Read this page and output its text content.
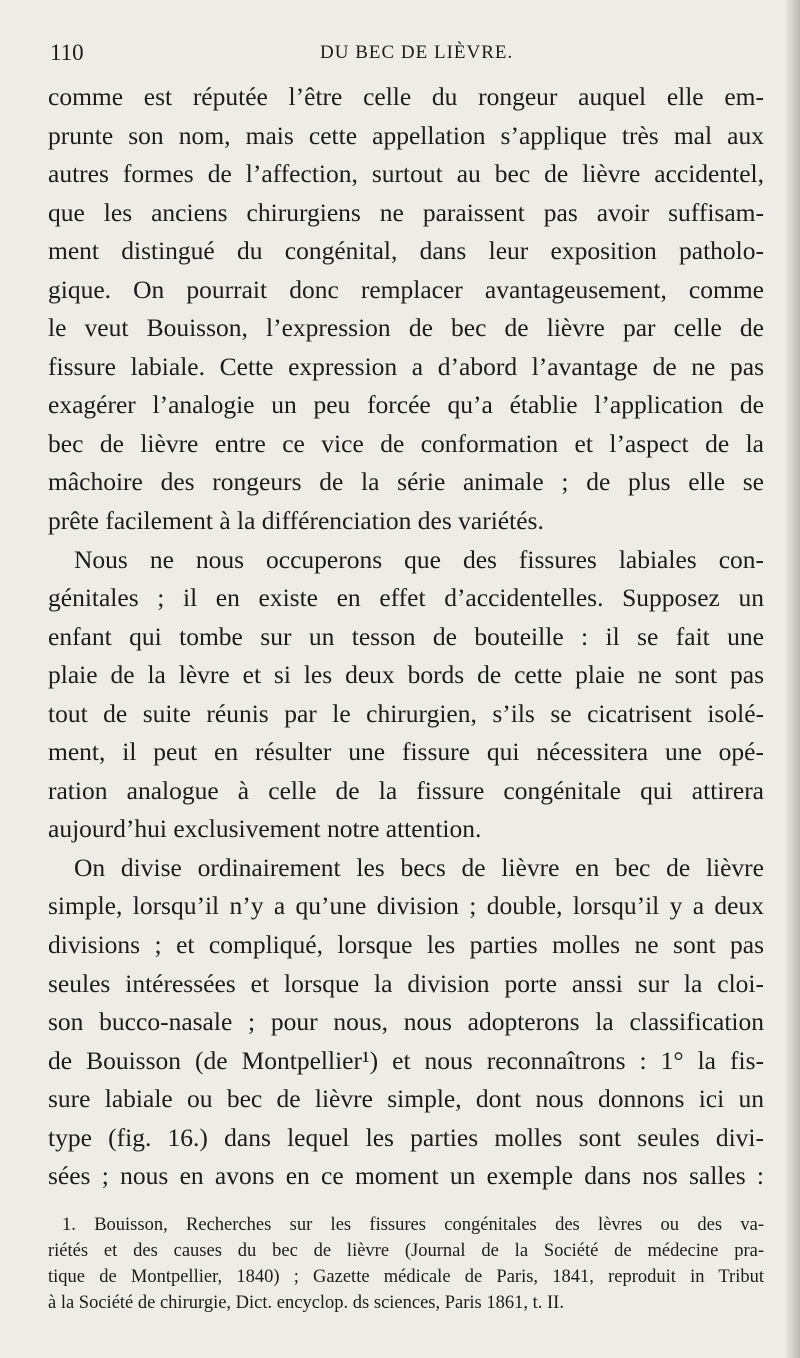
110	DU BEC DE LIÈVRE.
comme est réputée l’être celle du rongeur auquel elle em-
prunte son nom, mais cette appellation s’applique très mal aux
autres formes de l’affection, surtout au bec de lièvre accidentel,
que les anciens chirurgiens ne paraissent pas avoir suffisam-
ment distingué du congénital, dans leur exposition patholo-
gique. On pourrait donc remplacer avantageusement, comme
le veut Bouisson, l’expression de bec de lièvre par celle de
fissure labiale. Cette expression a d’abord l’avantage de ne pas
exagérer l’analogie un peu forcée qu’a établie l’application de
bec de lièvre entre ce vice de conformation et l’aspect de la
mâchoire des rongeurs de la série animale ; de plus elle se
prête facilement à la différenciation des variétés.
Nous ne nous occuperons que des fissures labiales con-
génitales ; il en existe en effet d’accidentelles. Supposez un
enfant qui tombe sur un tesson de bouteille : il se fait une
plaie de la lèvre et si les deux bords de cette plaie ne sont pas
tout de suite réunis par le chirurgien, s’ils se cicatrisent isolé-
ment, il peut en résulter une fissure qui nécessitera une opé-
ration analogue à celle de la fissure congénitale qui attirera
aujourd’hui exclusivement notre attention.
On divise ordinairement les becs de lièvre en bec de lièvre
simple, lorsqu’il n’y a qu’une division ; double, lorsqu’il y a deux
divisions ; et compliqué, lorsque les parties molles ne sont pas
seules intéressées et lorsque la division porte anssi sur la cloi-
son bucco-nasale ; pour nous, nous adopterons la classification
de Bouisson (de Montpellier¹) et nous reconnaîtrons : 1° la fis-
sure labiale ou bec de lièvre simple, dont nous donnons ici un
type (fig. 16.) dans lequel les parties molles sont seules divi-
sées ; nous en avons en ce moment un exemple dans nos salles :
1. Bouisson, Recherches sur les fissures congénitales des lèvres ou des va-
riétés et des causes du bec de lièvre (Journal de la Société de médecine pra-
tique de Montpellier, 1840) ; Gazette médicale de Paris, 1841, reproduit in Tribut
à la Société de chirurgie, Dict. encyclop. ds sciences, Paris 1861, t. II.
